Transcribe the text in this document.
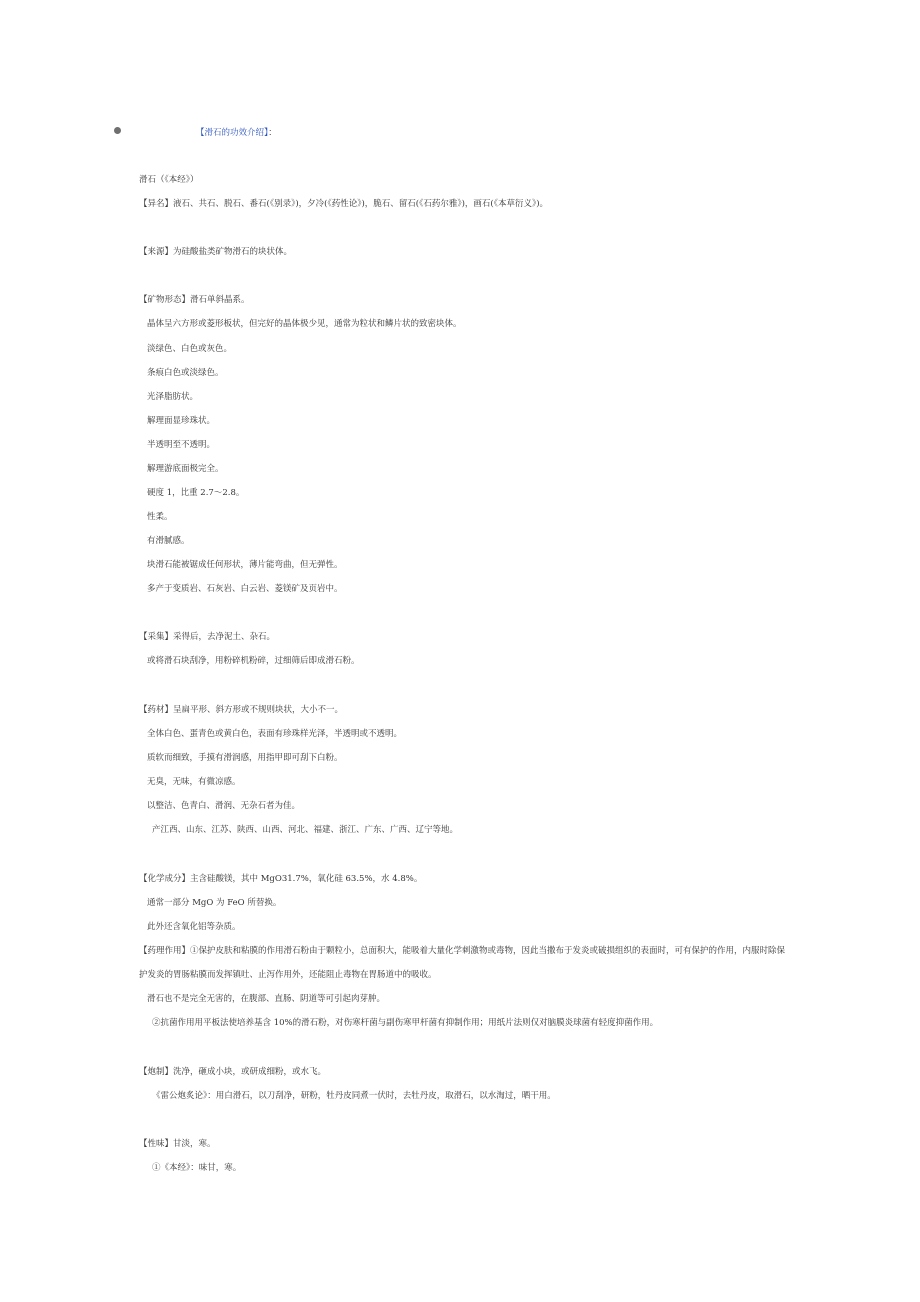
【滑石的功效介绍】：
滑石（《本经》）
【异名】液石、共石、脱石、番石(《别录》)，夕冷(《药性论》)，脆石、留石(《石药尔雅》)，画石(《本草衍义》)。
【来源】为硅酸盐类矿物滑石的块状体。
【矿物形态】滑石单斜晶系。
晶体呈六方形或菱形板状，但完好的晶体极少见，通常为粒状和鳞片状的致密块体。
淡绿色、白色或灰色。
条痕白色或淡绿色。
光泽脂肪状。
解理面显珍珠状。
半透明至不透明。
解理游底面极完全。
硬度 1，比重 2.7～2.8。
性柔。
有滑腻感。
块滑石能被锯成任何形状，薄片能弯曲，但无弹性。
多产于变质岩、石灰岩、白云岩、菱镁矿及页岩中。
【采集】采得后，去净泥土、杂石。
或将滑石块刮净，用粉碎机粉碎，过细筛后即成滑石粉。
【药材】呈扁平形、斜方形或不规则块状，大小不一。
全体白色、蛋青色或黄白色，表面有珍珠样光泽，半透明或不透明。
质软而细致，手摸有滑润感，用指甲即可刮下白粉。
无臭，无味，有微凉感。
以整洁、色青白、滑润、无杂石者为佳。
产江西、山东、江苏、陕西、山西、河北、福建、浙江、广东、广西、辽宁等地。
【化学成分】主含硅酸镁，其中 MgO31.7%，氧化硅 63.5%，水 4.8%。
通常一部分 MgO 为 FeO 所替换。
此外还含氧化铝等杂质。
【药理作用】①保护皮肤和粘膜的作用滑石粉由于颗粒小，总面积大，能吸着大量化学刺激物或毒物，因此当撒布于发炎或破损组织的表面时，可有保护的作用，内服时除保
护发炎的胃肠粘膜而发挥镇吐、止泻作用外，还能阻止毒物在胃肠道中的吸收。
滑石也不是完全无害的，在腹部、直肠、阴道等可引起肉芽肿。
②抗菌作用用平板法使培养基含 10%的滑石粉，对伤寒杆菌与副伤寒甲杆菌有抑制作用；用纸片法则仅对脑膜炎球菌有轻度抑菌作用。
【炮制】洗净，砸成小块，或研成细粉，或水飞。
《雷公炮炙论》：用白滑石，以刀刮净，研粉，牡丹皮同煮一伏时，去牡丹皮，取滑石，以水淘过，晒干用。
【性味】甘淡，寒。
①《本经》：味甘，寒。
